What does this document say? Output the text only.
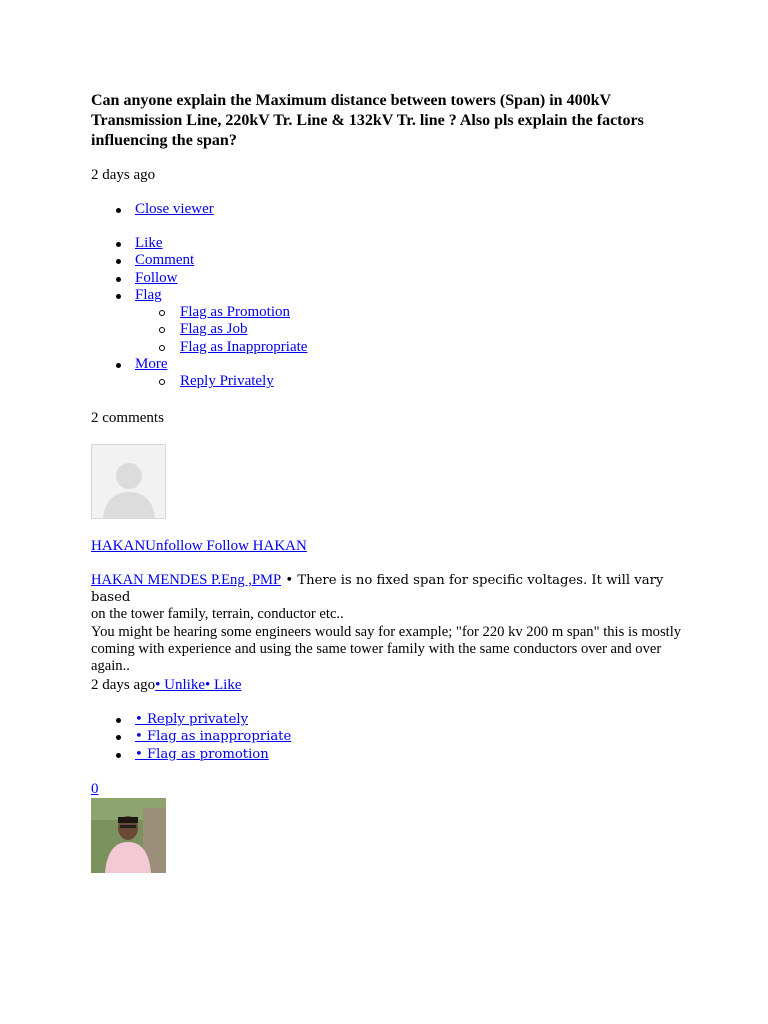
Can anyone explain the Maximum distance between towers (Span) in 400kV Transmission Line, 220kV Tr. Line & 132kV Tr. line ? Also pls explain the factors influencing the span?

2 days ago

Close viewer
Like
Comment
Follow
Flag
Flag as Promotion
Flag as Job
Flag as Inappropriate
More
Reply Privately

2 comments

HAKANUnfollow Follow HAKAN

HAKAN MENDES P.Eng ,PMP • There is no fixed span for specific voltages. It will vary based
on the tower family, terrain, conductor etc..
You might be hearing some engineers would say for example; "for 220 kv 200 m span" this is mostly coming with experience and using the same tower family with the same conductors over and over again..

2 days ago• Unlike• Like

• Reply privately
• Flag as inappropriate
• Flag as promotion

0
